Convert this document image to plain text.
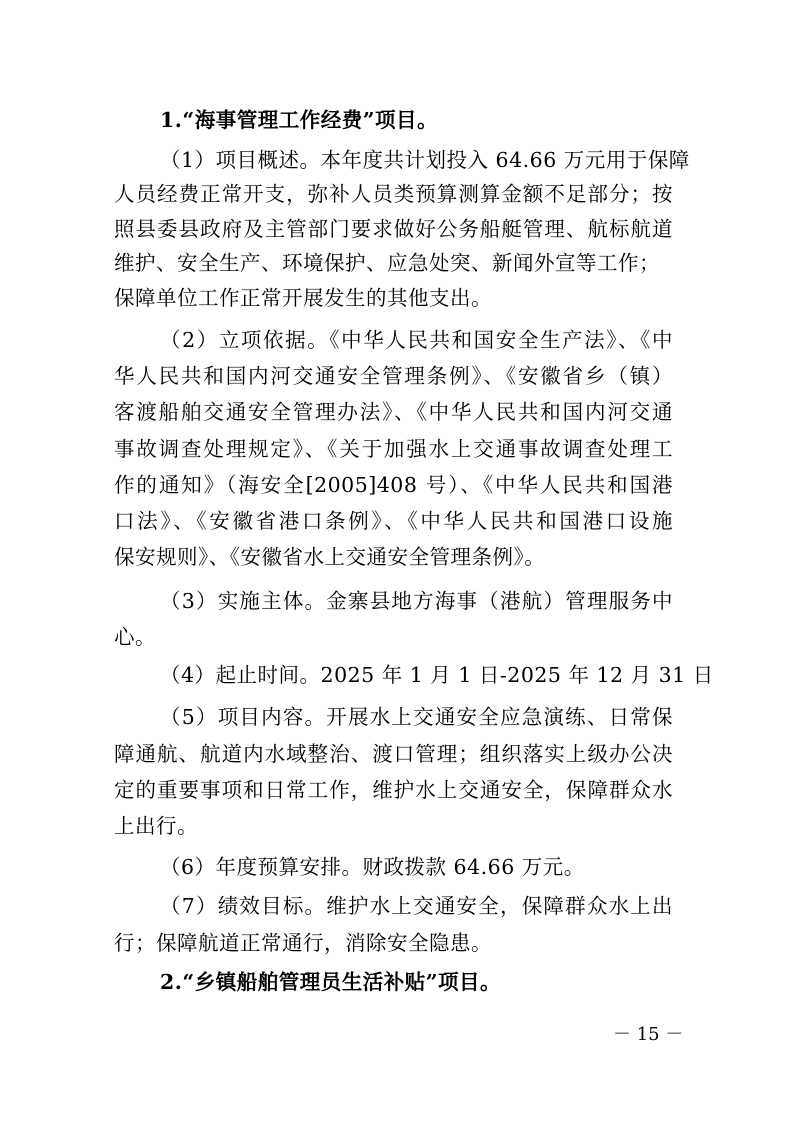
1.“海事管理工作经费”项目。
（1）项目概述。本年度共计划投入 64.66 万元用于保障
人员经费正常开支，弥补人员类预算测算金额不足部分；按
照县委县政府及主管部门要求做好公务船艇管理、航标航道
维护、安全生产、环境保护、应急处突、新闻外宣等工作；
保障单位工作正常开展发生的其他支出。
（2）立项依据。《中华人民共和国安全生产法》、《中
华人民共和国内河交通安全管理条例》、《安徽省乡（镇）
客渡船舶交通安全管理办法》、《中华人民共和国内河交通
事故调查处理规定》、《关于加强水上交通事故调查处理工
作的通知》（海安全[2005]408 号）、《中华人民共和国港
口法》、《安徽省港口条例》、《中华人民共和国港口设施
保安规则》、《安徽省水上交通安全管理条例》。
（3）实施主体。金寨县地方海事（港航）管理服务中
心。
（4）起止时间。2025 年 1 月 1 日-2025 年 12 月 31 日
（5）项目内容。开展水上交通安全应急演练、日常保
障通航、航道内水域整治、渡口管理；组织落实上级办公决
定的重要事项和日常工作，维护水上交通安全，保障群众水
上出行。
－ 15 －
（6）年度预算安排。财政拨款 64.66 万元。
（7）绩效目标。维护水上交通安全，保障群众水上出
行；保障航道正常通行，消除安全隐患。
2.“乡镇船舶管理员生活补贴”项目。
